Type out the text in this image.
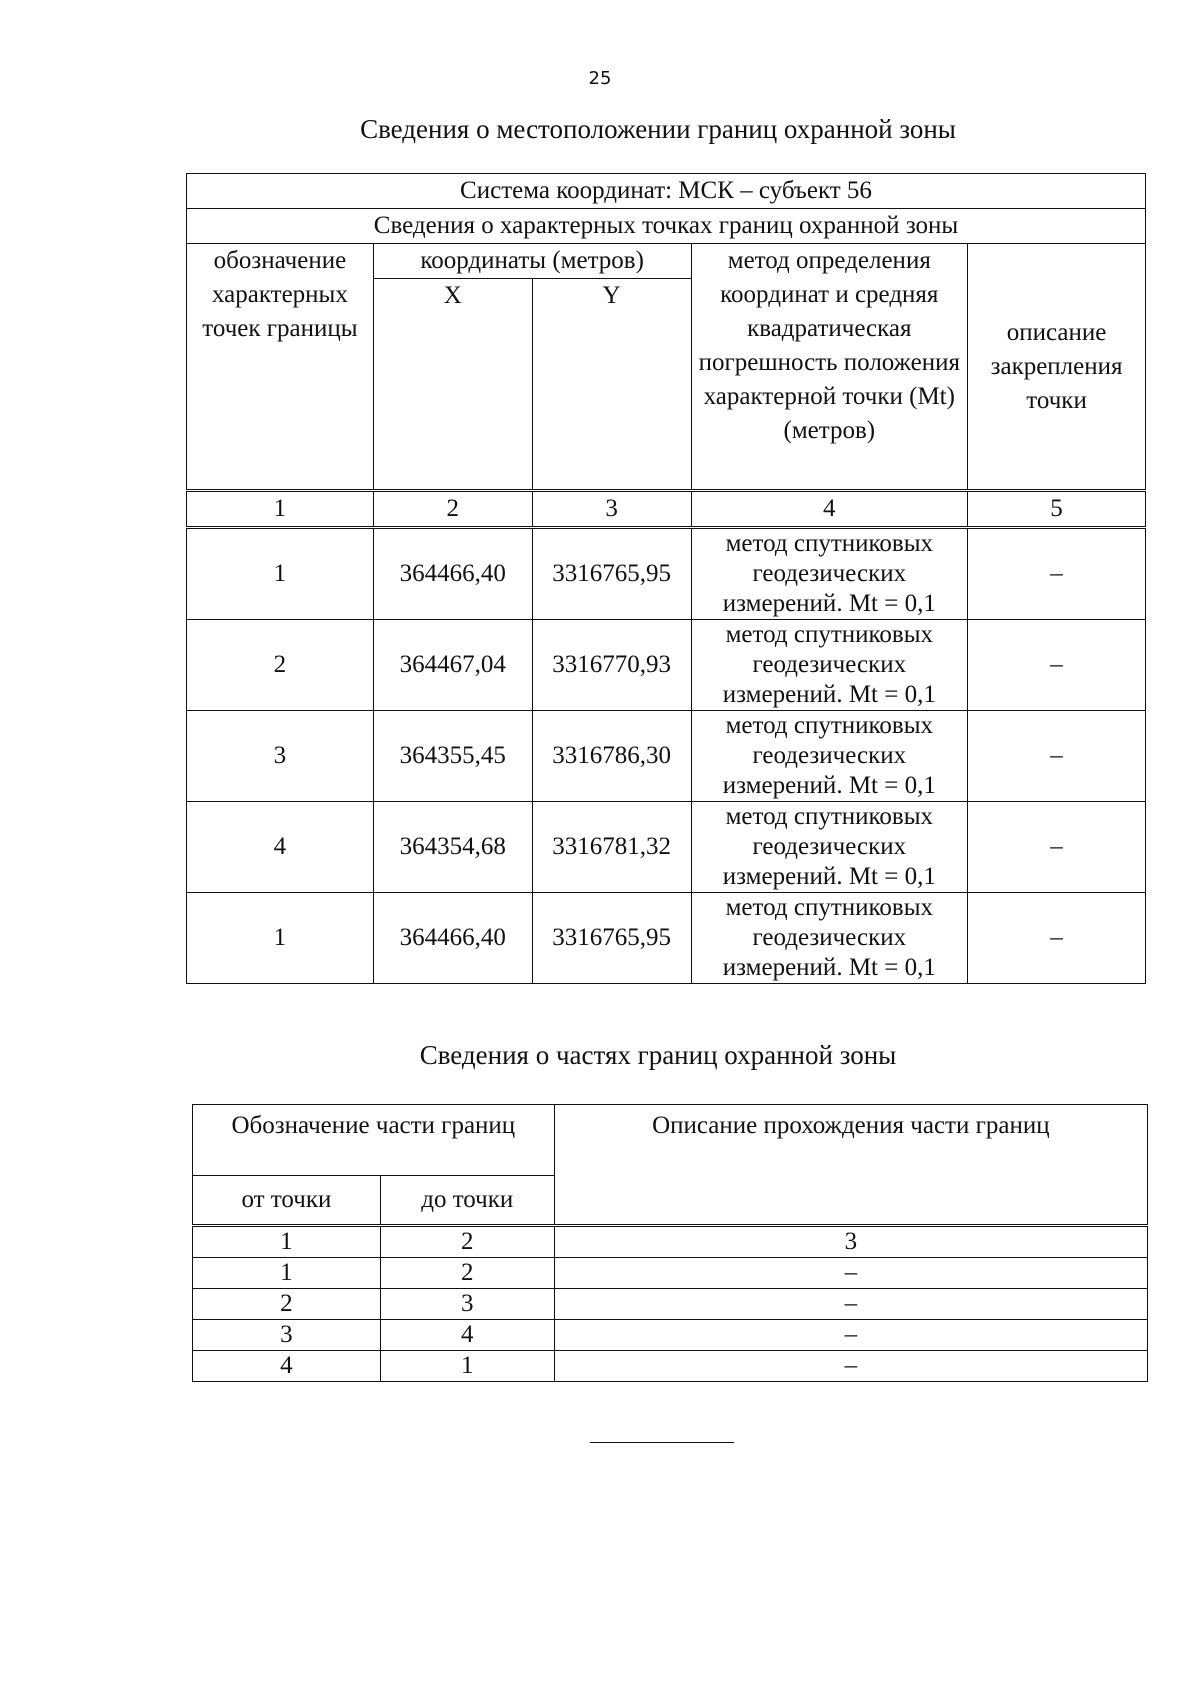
25
Сведения о местоположении границ охранной зоны
Система координат: МСК – субъект 56				
Сведения о характерных точках границ охранной зоны				
обозначение характерных точек границы	координаты (метров)		метод определения координат и средняя квадратическая погрешность положения характерной точки (Mt) (метров)	описание закрепления точки
	X	Y		
1	2	3	4	5
1	364466,40	3316765,95	метод спутниковых геодезических измерений. Mt = 0,1	–
2	364467,04	3316770,93	метод спутниковых геодезических измерений. Mt = 0,1	–
3	364355,45	3316786,30	метод спутниковых геодезических измерений. Mt = 0,1	–
4	364354,68	3316781,32	метод спутниковых геодезических измерений. Mt = 0,1	–
1	364466,40	3316765,95	метод спутниковых геодезических измерений. Mt = 0,1	–
Сведения о частях границ охранной зоны
Обозначение части границ		Описание прохождения части границ
от точки	до точки	
1	2	3
1	2	–
2	3	–
3	4	–
4	1	–
